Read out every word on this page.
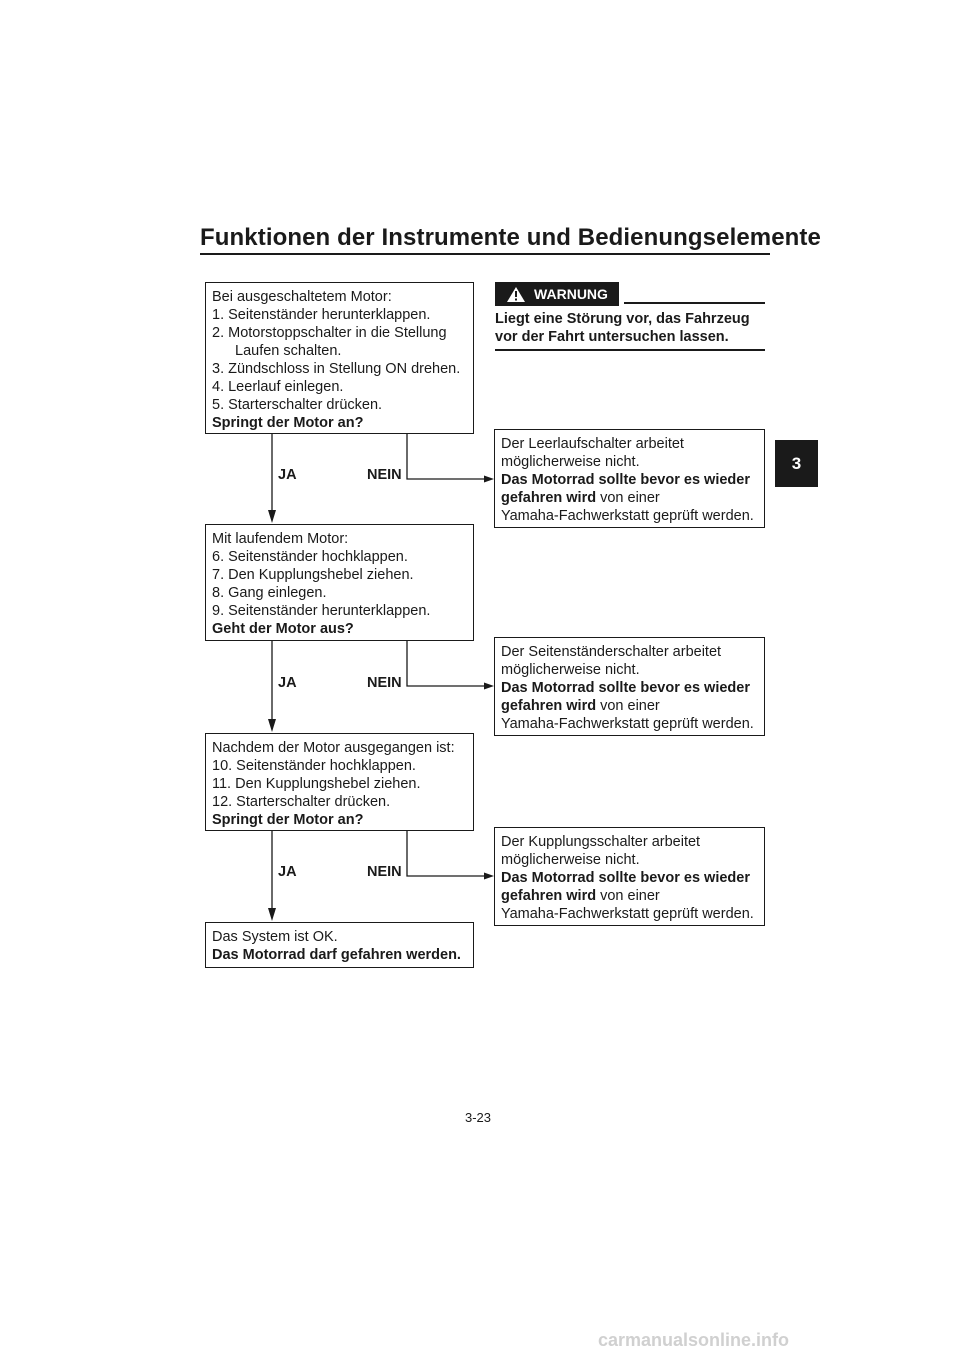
Funktionen der Instrumente und Bedienungselemente
3
WARNUNG
Liegt eine Störung vor, das Fahrzeug
vor der Fahrt untersuchen lassen.
Bei ausgeschaltetem Motor:
1. Seitenständer herunterklappen.
2. Motorstoppschalter in die Stellung
Laufen schalten.
3. Zündschloss in Stellung ON drehen.
4. Leerlauf einlegen.
5. Starterschalter drücken.
Springt der Motor an?
Mit laufendem Motor:
6. Seitenständer hochklappen.
7. Den Kupplungshebel ziehen.
8. Gang einlegen.
9. Seitenständer herunterklappen.
Geht der Motor aus?
Nachdem der Motor ausgegangen ist:
10. Seitenständer hochklappen.
11. Den Kupplungshebel ziehen.
12. Starterschalter drücken.
Springt der Motor an?
Das System ist OK.
Das Motorrad darf gefahren werden.
Der Leerlaufschalter arbeitet
möglicherweise nicht.
Das Motorrad sollte bevor es wieder
gefahren wird von einer
Yamaha-Fachwerkstatt geprüft werden.
Der Seitenständerschalter arbeitet
möglicherweise nicht.
Das Motorrad sollte bevor es wieder
gefahren wird von einer
Yamaha-Fachwerkstatt geprüft werden.
Der Kupplungsschalter arbeitet
möglicherweise nicht.
Das Motorrad sollte bevor es wieder
gefahren wird von einer
Yamaha-Fachwerkstatt geprüft werden.
JA	NEIN
JA	NEIN
JA	NEIN
3-23
carmanualsonline.info
